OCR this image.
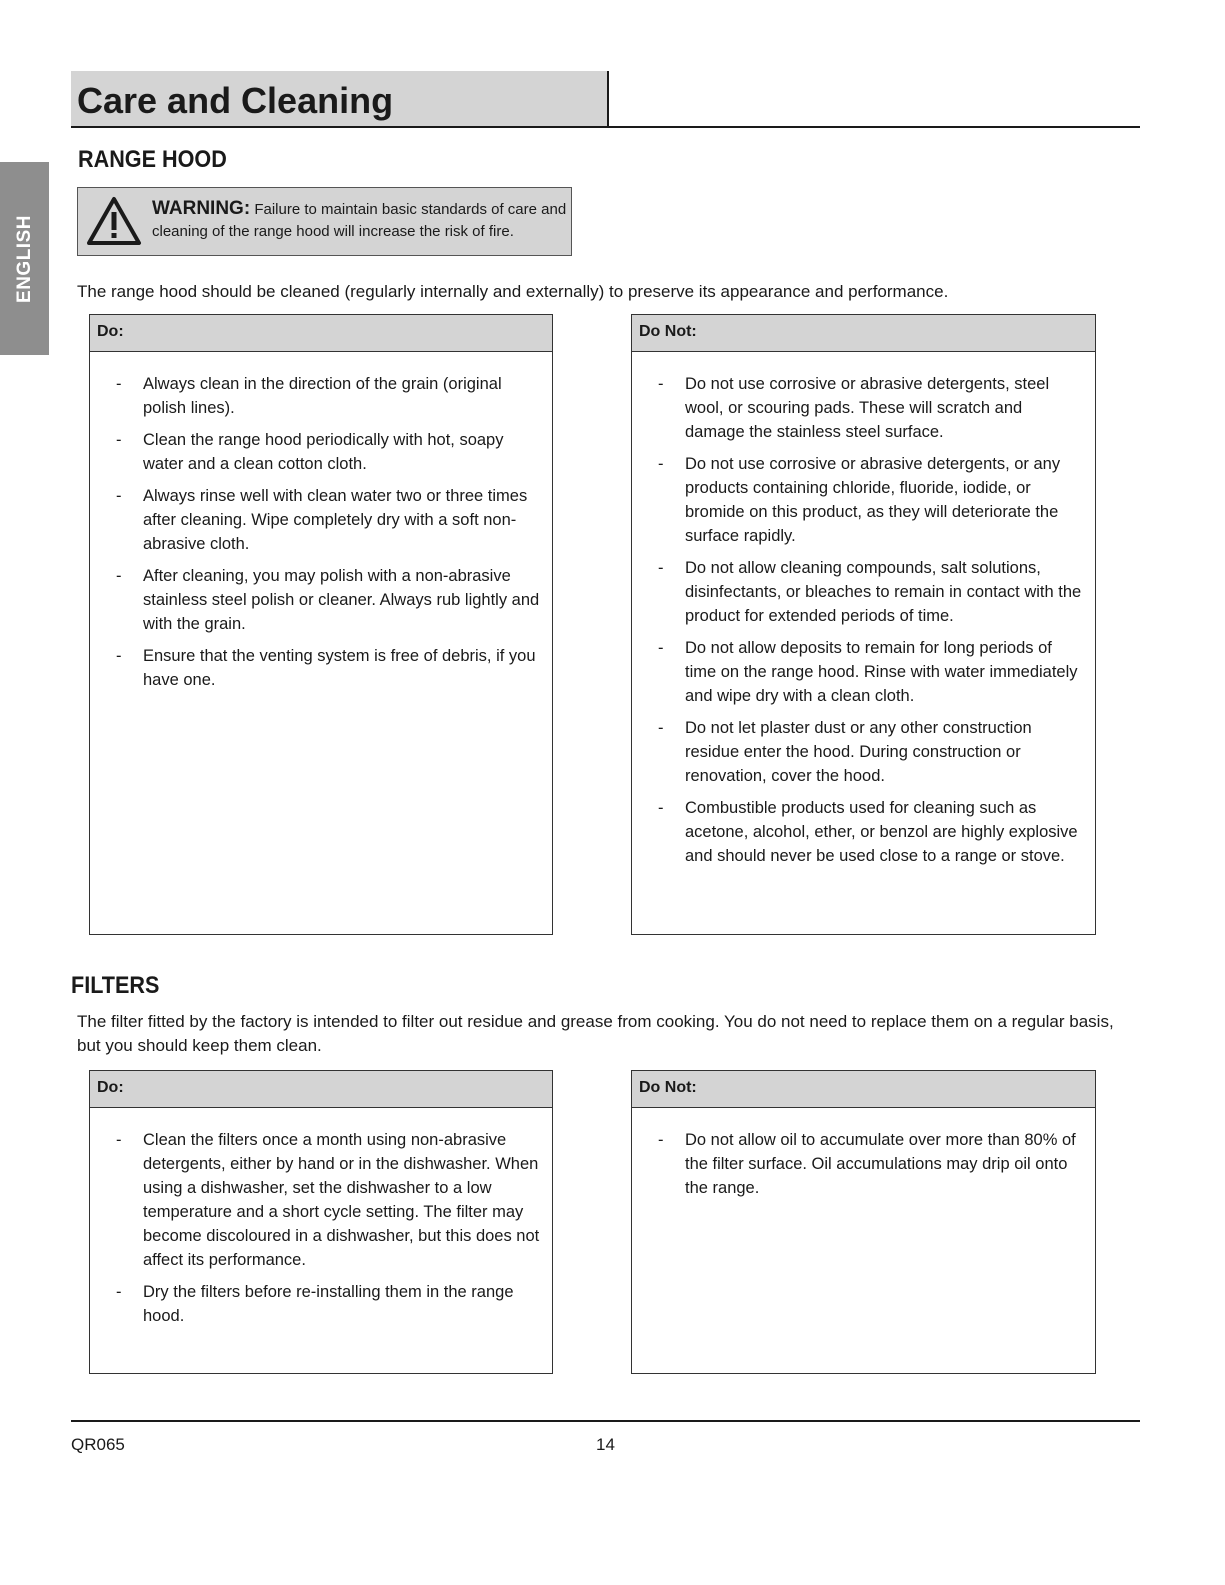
ENGLISH
Care and Cleaning
RANGE HOOD
WARNING: Failure to maintain basic standards of care and cleaning of the range hood will increase the risk of fire.

The range hood should be cleaned (regularly internally and externally) to preserve its appearance and performance.

Do:
- Always clean in the direction of the grain (original polish lines).
- Clean the range hood periodically with hot, soapy water and a clean cotton cloth.
- Always rinse well with clean water two or three times after cleaning. Wipe completely dry with a soft non-abrasive cloth.
- After cleaning, you may polish with a non-abrasive stainless steel polish or cleaner. Always rub lightly and with the grain.
- Ensure that the venting system is free of debris, if you have one.
Do Not:
- Do not use corrosive or abrasive detergents, steel wool, or scouring pads. These will scratch and damage the stainless steel surface.
- Do not use corrosive or abrasive detergents, or any products containing chloride, fluoride, iodide, or bromide on this product, as they will deteriorate the surface rapidly.
- Do not allow cleaning compounds, salt solutions, disinfectants, or bleaches to remain in contact with the product for extended periods of time.
- Do not allow deposits to remain for long periods of time on the range hood. Rinse with water immediately and wipe dry with a clean cloth.
- Do not let plaster dust or any other construction residue enter the hood. During construction or renovation, cover the hood.
- Combustible products used for cleaning such as acetone, alcohol, ether, or benzol are highly explosive and should never be used close to a range or stove.
FILTERS

The filter fitted by the factory is intended to filter out residue and grease from cooking. You do not need to replace them on a regular basis, but you should keep them clean.

Do:
- Clean the filters once a month using non-abrasive detergents, either by hand or in the dishwasher. When using a dishwasher, set the dishwasher to a low temperature and a short cycle setting. The filter may become discoloured in a dishwasher, but this does not affect its performance.
- Dry the filters before re-installing them in the range hood.
Do Not:
- Do not allow oil to accumulate over more than 80% of the filter surface. Oil accumulations may drip oil onto the range.
QR065	14
